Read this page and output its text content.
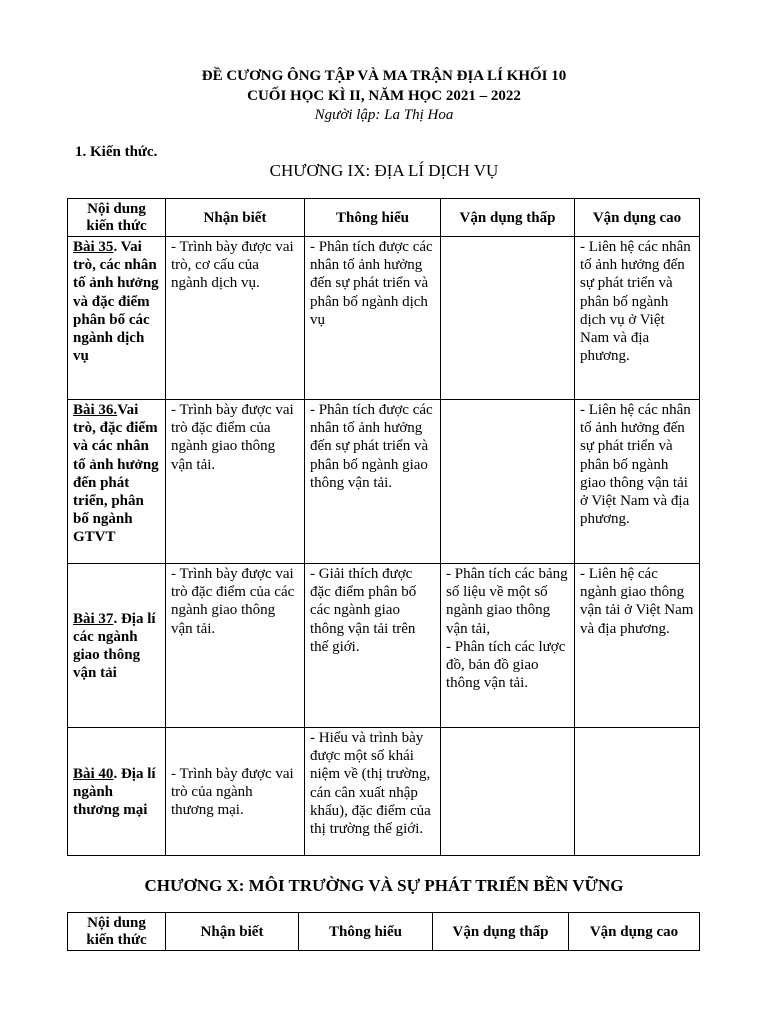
ĐỀ CƯƠNG ÔNG TẬP VÀ MA TRẬN ĐỊA LÍ KHỐI 10
CUỐI HỌC KÌ II, NĂM HỌC 2021 – 2022
Người lập: La Thị Hoa
1. Kiến thức.
CHƯƠNG IX: ĐỊA LÍ DỊCH VỤ
Nội dung kiến thức	Nhận biết	Thông hiểu	Vận dụng thấp	Vận dụng cao
Bài 35. Vai trò, các nhân tố ảnh hưởng và đặc điểm phân bố các ngành dịch vụ	- Trình bày được vai trò, cơ cấu của ngành dịch vụ.	- Phân tích được các nhân tố ảnh hưởng đến sự phát triển và phân bố ngành dịch vụ		- Liên hệ các nhân tố ảnh hưởng đến sự phát triển và phân bố ngành dịch vụ ở Việt Nam và địa phương.
Bài 36.Vai trò, đặc điểm và các nhân tố ảnh hưởng đến phát triển, phân bố ngành GTVT	- Trình bày được vai trò đặc điểm của ngành giao thông vận tải.	- Phân tích được các nhân tố ảnh hưởng đến sự phát triển và phân bố ngành giao thông vận tải.		- Liên hệ các nhân tố ảnh hưởng đến sự phát triển và phân bố ngành giao thông vận tải ở Việt Nam và địa phương.
Bài 37. Địa lí các ngành giao thông vận tải	- Trình bày được vai trò đặc điểm của các ngành giao thông vận tải.	- Giải thích được đặc điểm phân bố các ngành giao thông vận tải trên thế giới.	- Phân tích các bảng số liệu về một số ngành giao thông vận tải,
- Phân tích các lược đồ, bản đồ giao thông vận tải.	- Liên hệ các ngành giao thông vận tải ở Việt Nam và địa phương.
Bài 40. Địa lí ngành thương mại	- Trình bày được vai trò của ngành thương mại.	- Hiểu và trình bày được một số khái niệm về (thị trường, cán cân xuất nhập khẩu), đặc điểm của thị trường thế giới.		
CHƯƠNG X: MÔI TRƯỜNG VÀ SỰ PHÁT TRIỂN BỀN VỮNG
Nội dung kiến thức	Nhận biết	Thông hiểu	Vận dụng thấp	Vận dụng cao
